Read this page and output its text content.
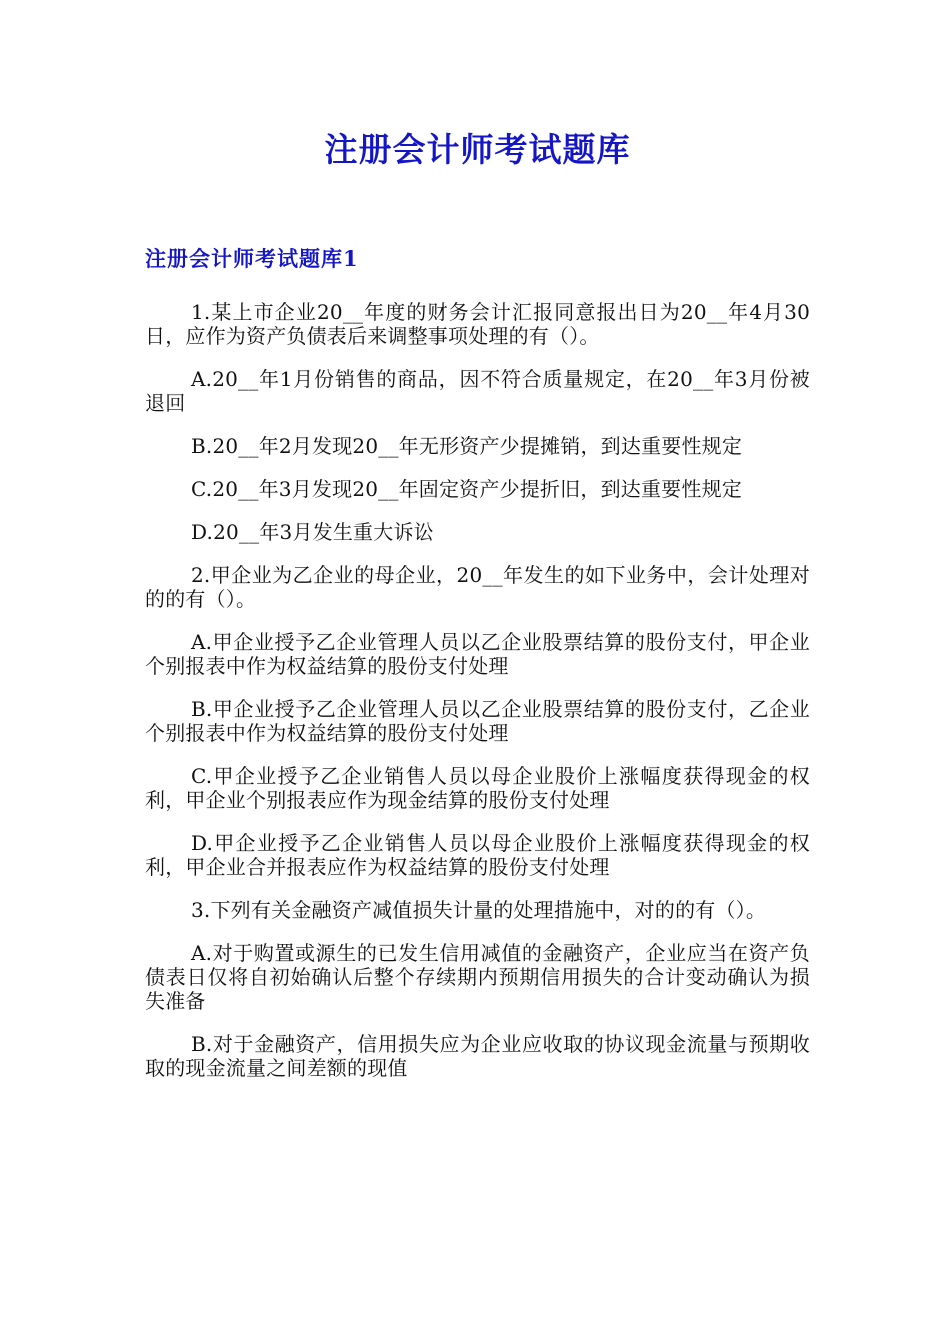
注册会计师考试题库
注册会计师考试题库1

1.某上市企业20__年度的财务会计汇报同意报出日为20__年4月30日，应作为资产负债表后来调整事项处理的有（）。

A.20__年1月份销售的商品，因不符合质量规定，在20__年3月份被退回

B.20__年2月发现20__年无形资产少提摊销，到达重要性规定

C.20__年3月发现20__年固定资产少提折旧，到达重要性规定

D.20__年3月发生重大诉讼

2.甲企业为乙企业的母企业，20__年发生的如下业务中，会计处理对的的有（）。

A.甲企业授予乙企业管理人员以乙企业股票结算的股份支付，甲企业个别报表中作为权益结算的股份支付处理

B.甲企业授予乙企业管理人员以乙企业股票结算的股份支付，乙企业个别报表中作为权益结算的股份支付处理

C.甲企业授予乙企业销售人员以母企业股价上涨幅度获得现金的权利，甲企业个别报表应作为现金结算的股份支付处理

D.甲企业授予乙企业销售人员以母企业股价上涨幅度获得现金的权利，甲企业合并报表应作为权益结算的股份支付处理

3.下列有关金融资产减值损失计量的处理措施中，对的的有（）。

A.对于购置或源生的已发生信用减值的金融资产，企业应当在资产负债表日仅将自初始确认后整个存续期内预期信用损失的合计变动确认为损失准备

B.对于金融资产，信用损失应为企业应收取的协议现金流量与预期收取的现金流量之间差额的现值
